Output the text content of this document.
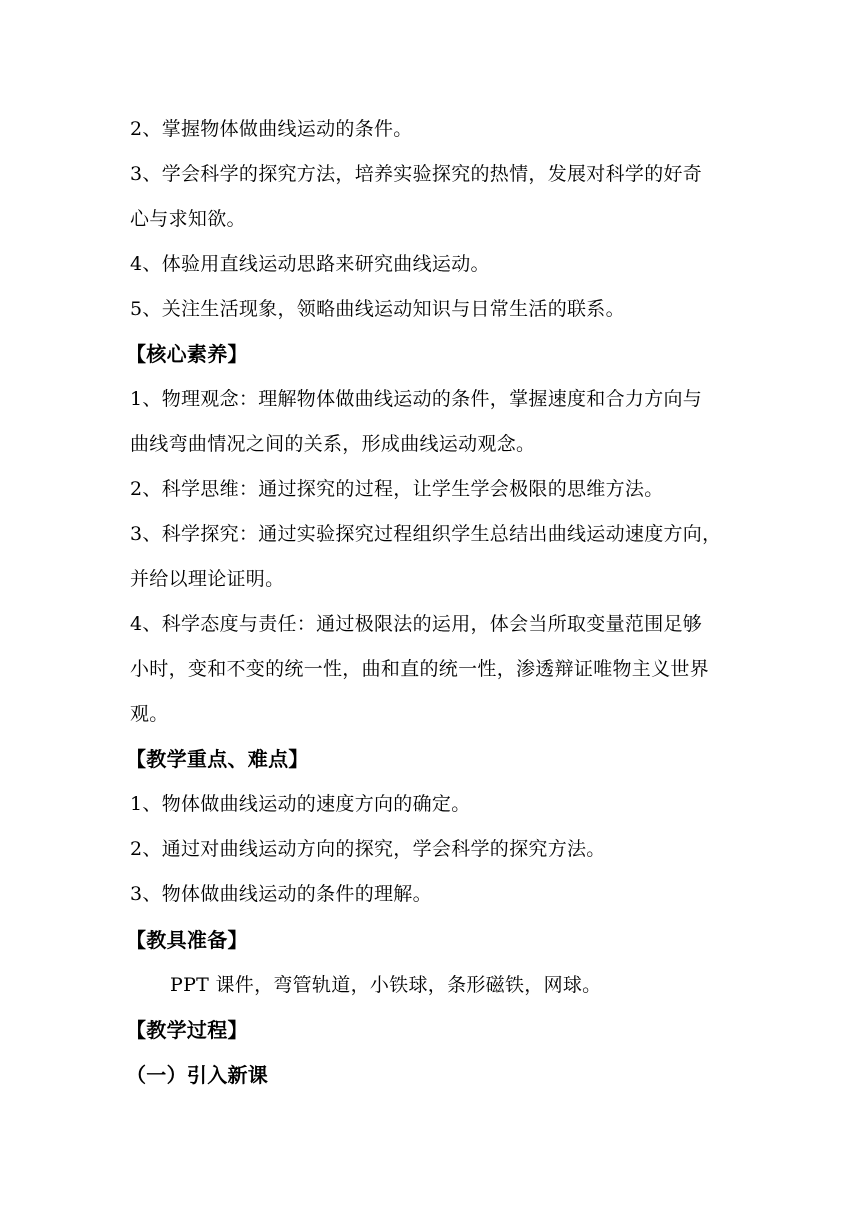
2、掌握物体做曲线运动的条件。
3、学会科学的探究方法，培养实验探究的热情，发展对科学的好奇
心与求知欲。
4、体验用直线运动思路来研究曲线运动。
5、关注生活现象，领略曲线运动知识与日常生活的联系。
【核心素养】
1、物理观念：理解物体做曲线运动的条件，掌握速度和合力方向与
曲线弯曲情况之间的关系，形成曲线运动观念。
2、科学思维：通过探究的过程，让学生学会极限的思维方法。
3、科学探究：通过实验探究过程组织学生总结出曲线运动速度方向，
并给以理论证明。
4、科学态度与责任：通过极限法的运用，体会当所取变量范围足够
小时，变和不变的统一性，曲和直的统一性，渗透辩证唯物主义世界
观。
【教学重点、难点】
1、物体做曲线运动的速度方向的确定。
2、通过对曲线运动方向的探究，学会科学的探究方法。
3、物体做曲线运动的条件的理解。
【教具准备】
PPT 课件，弯管轨道，小铁球，条形磁铁，网球。
【教学过程】
（一）引入新课
